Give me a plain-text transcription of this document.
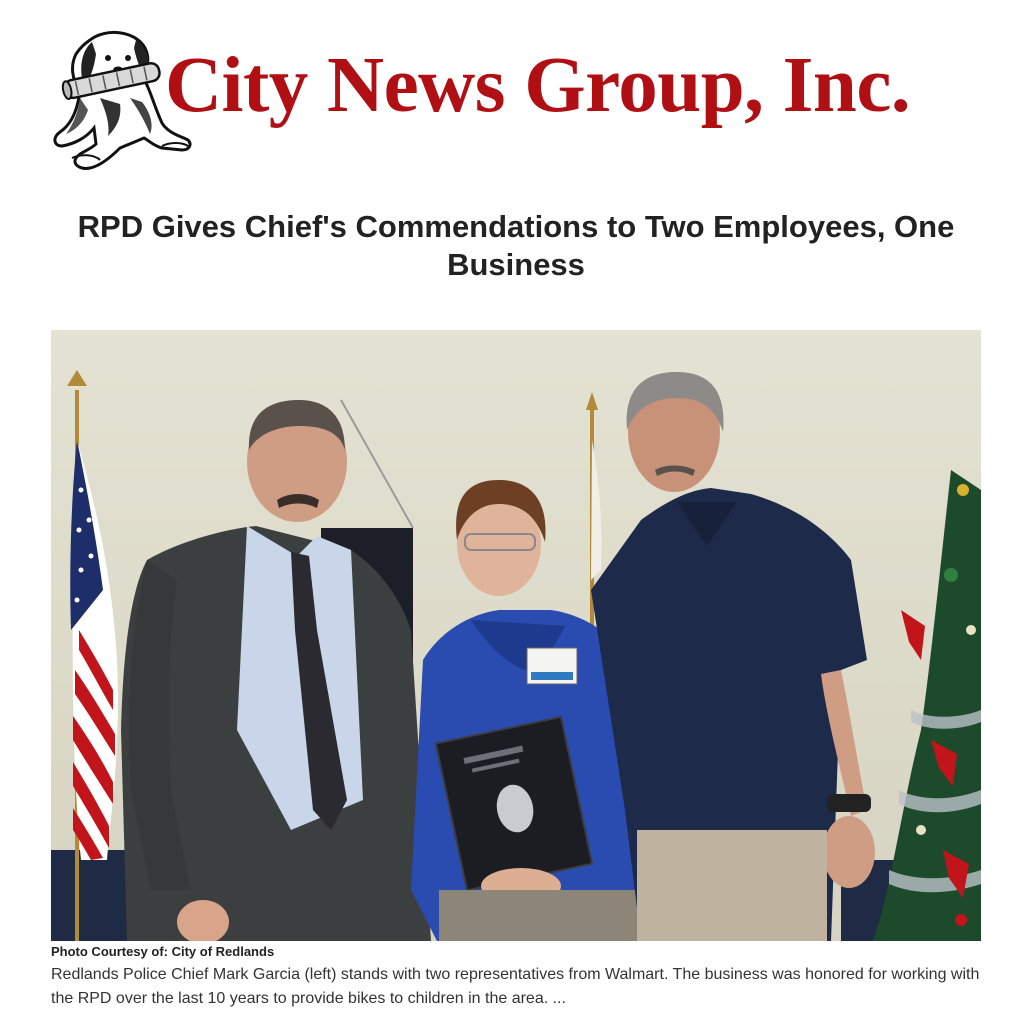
City News Group, Inc.
RPD Gives Chief's Commendations to Two Employees, One Business
Photo Courtesy of: City of Redlands

Redlands Police Chief Mark Garcia (left) stands with two representatives from Walmart. The business was honored for working with the RPD over the last 10 years to provide bikes to children in the area. ...
